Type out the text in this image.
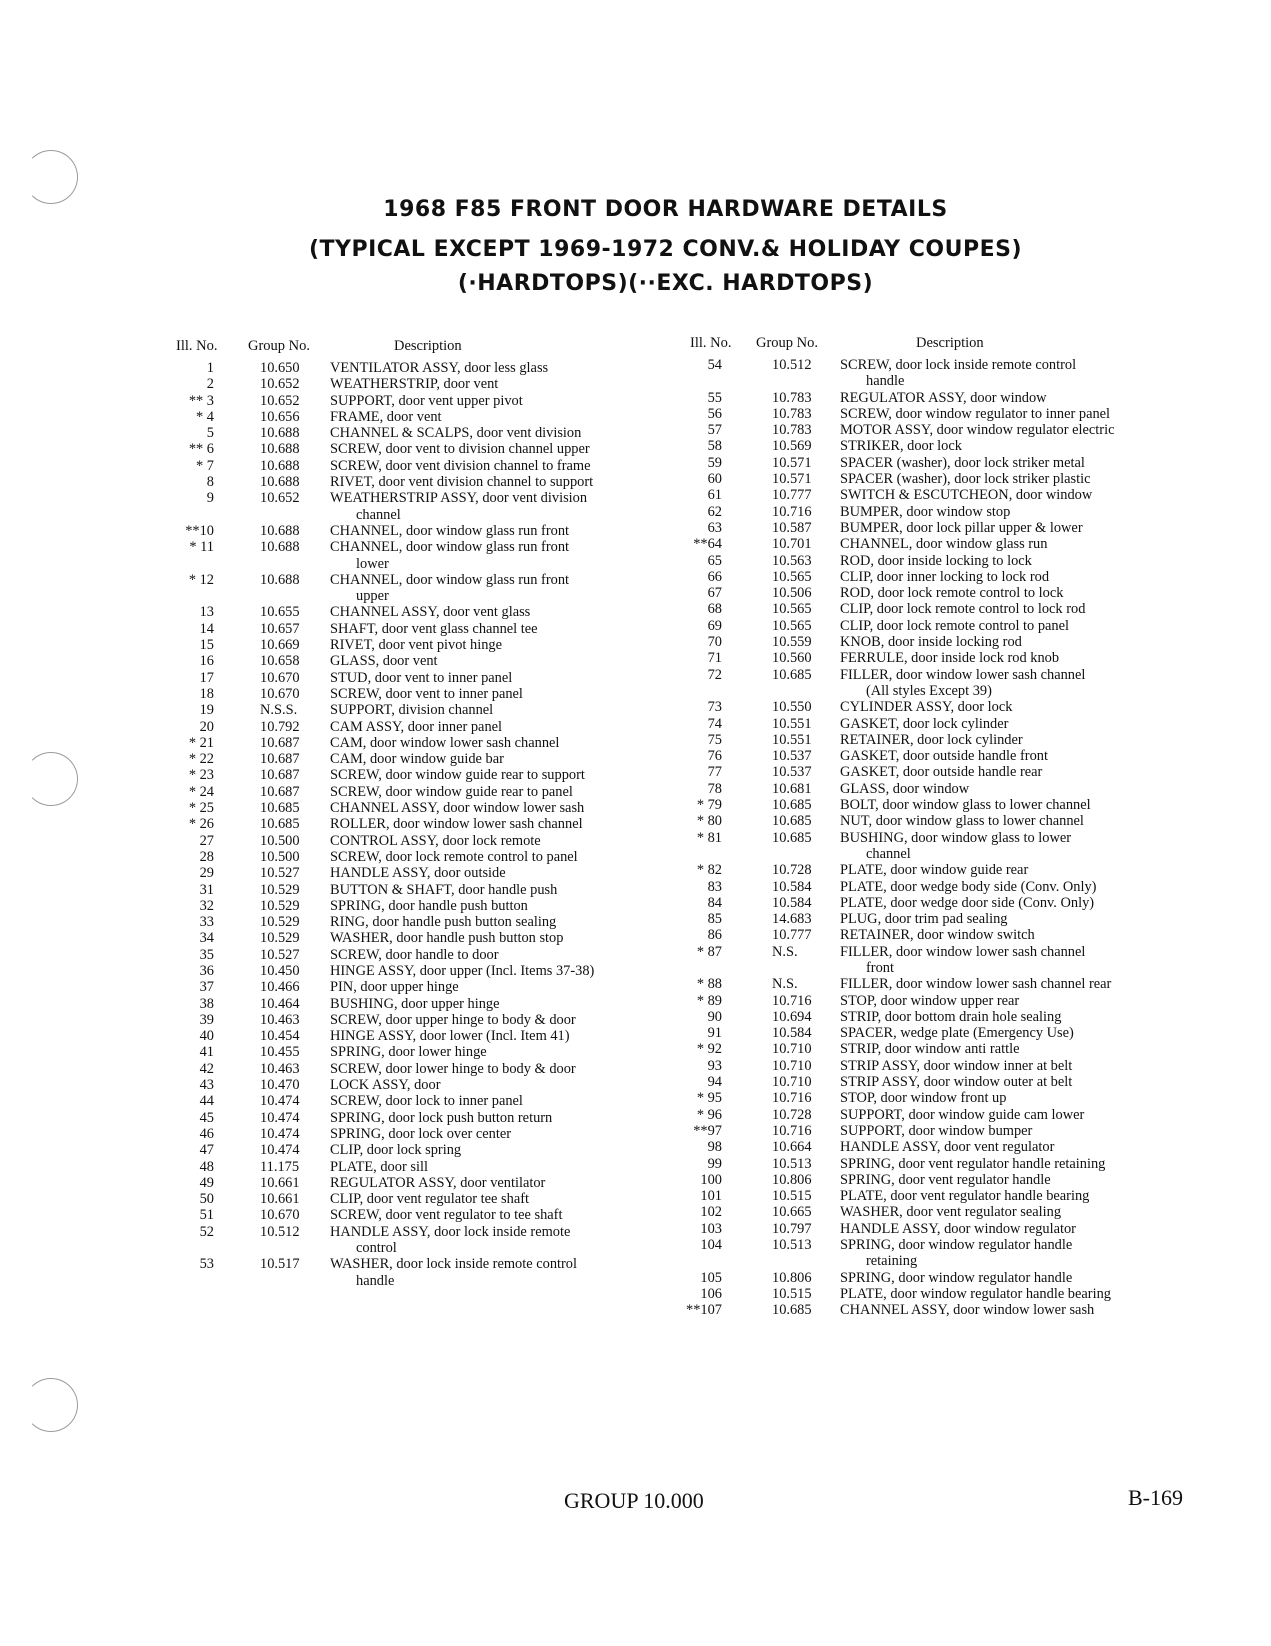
1968 F85 FRONT DOOR HARDWARE DETAILS
(TYPICAL EXCEPT 1969-1972 CONV.& HOLIDAY COUPES)
(·HARDTOPS)(··EXC. HARDTOPS)
Ill. No. Group No.	Description
1	10.650 VENTILATOR ASSY, door less glass
2	10.652 WEATHERSTRIP, door vent
** 3	10.652 SUPPORT, door vent upper pivot
* 4	10.656 FRAME, door vent
5	10.688 CHANNEL & SCALPS, door vent division
** 6	10.688 SCREW, door vent to division channel upper
* 7	10.688 SCREW, door vent division channel to frame
8	10.688 RIVET, door vent division channel to support
9	10.652 WEATHERSTRIP ASSY, door vent division
channel
**10	10.688 CHANNEL, door window glass run front
* 11	10.688 CHANNEL, door window glass run front
lower
* 12	10.688 CHANNEL, door window glass run front
upper
13	10.655 CHANNEL ASSY, door vent glass
14	10.657 SHAFT, door vent glass channel tee
15	10.669 RIVET, door vent pivot hinge
16	10.658 GLASS, door vent
17	10.670 STUD, door vent to inner panel
18	10.670 SCREW, door vent to inner panel
19	N.S.S. SUPPORT, division channel
20	10.792 CAM ASSY, door inner panel
* 21	10.687 CAM, door window lower sash channel
* 22	10.687 CAM, door window guide bar
* 23	10.687 SCREW, door window guide rear to support
* 24	10.687 SCREW, door window guide rear to panel
* 25	10.685 CHANNEL ASSY, door window lower sash
* 26	10.685 ROLLER, door window lower sash channel
27	10.500 CONTROL ASSY, door lock remote
28	10.500 SCREW, door lock remote control to panel
29	10.527 HANDLE ASSY, door outside
31	10.529 BUTTON & SHAFT, door handle push
32	10.529 SPRING, door handle push button
33	10.529 RING, door handle push button sealing
34	10.529 WASHER, door handle push button stop
35	10.527 SCREW, door handle to door
36	10.450 HINGE ASSY, door upper (Incl. Items 37-38)
37	10.466 PIN, door upper hinge
38	10.464 BUSHING, door upper hinge
39	10.463 SCREW, door upper hinge to body & door
40	10.454 HINGE ASSY, door lower (Incl. Item 41)
41	10.455 SPRING, door lower hinge
42	10.463 SCREW, door lower hinge to body & door
43	10.470 LOCK ASSY, door
44	10.474 SCREW, door lock to inner panel
45	10.474 SPRING, door lock push button return
46	10.474 SPRING, door lock over center
47	10.474 CLIP, door lock spring
48	11.175 PLATE, door sill
49	10.661 REGULATOR ASSY, door ventilator
50	10.661 CLIP, door vent regulator tee shaft
51	10.670 SCREW, door vent regulator to tee shaft
52	10.512 HANDLE ASSY, door lock inside remote
control
53	10.517 WASHER, door lock inside remote control
handle
Ill. No. Group No.	Description
54	10.512 SCREW, door lock inside remote control
handle
55	10.783 REGULATOR ASSY, door window
56	10.783 SCREW, door window regulator to inner panel
57	10.783 MOTOR ASSY, door window regulator electric
58	10.569 STRIKER, door lock
59	10.571 SPACER (washer), door lock striker metal
60	10.571 SPACER (washer), door lock striker plastic
61	10.777 SWITCH & ESCUTCHEON, door window
62	10.716 BUMPER, door window stop
63	10.587 BUMPER, door lock pillar upper & lower
**64	10.701 CHANNEL, door window glass run
65	10.563 ROD, door inside locking to lock
66	10.565 CLIP, door inner locking to lock rod
67	10.506 ROD, door lock remote control to lock
68	10.565 CLIP, door lock remote control to lock rod
69	10.565 CLIP, door lock remote control to panel
70	10.559 KNOB, door inside locking rod
71	10.560 FERRULE, door inside lock rod knob
72	10.685 FILLER, door window lower sash channel
(All styles Except 39)
73	10.550 CYLINDER ASSY, door lock
74	10.551 GASKET, door lock cylinder
75	10.551 RETAINER, door lock cylinder
76	10.537 GASKET, door outside handle front
77	10.537 GASKET, door outside handle rear
78	10.681 GLASS, door window
* 79	10.685 BOLT, door window glass to lower channel
* 80	10.685 NUT, door window glass to lower channel
* 81	10.685 BUSHING, door window glass to lower
channel
* 82	10.728 PLATE, door window guide rear
83	10.584 PLATE, door wedge body side (Conv. Only)
84	10.584 PLATE, door wedge door side (Conv. Only)
85	14.683 PLUG, door trim pad sealing
86	10.777 RETAINER, door window switch
* 87	N.S.	FILLER, door window lower sash channel
front
* 88	N.S.	FILLER, door window lower sash channel rear
* 89	10.716 STOP, door window upper rear
90	10.694 STRIP, door bottom drain hole sealing
91	10.584 SPACER, wedge plate (Emergency Use)
* 92	10.710 STRIP, door window anti rattle
93	10.710 STRIP ASSY, door window inner at belt
94	10.710 STRIP ASSY, door window outer at belt
* 95	10.716 STOP, door window front up
* 96	10.728 SUPPORT, door window guide cam lower
**97	10.716 SUPPORT, door window bumper
98	10.664 HANDLE ASSY, door vent regulator
99	10.513 SPRING, door vent regulator handle retaining
100	10.806 SPRING, door vent regulator handle
101	10.515 PLATE, door vent regulator handle bearing
102	10.665 WASHER, door vent regulator sealing
103	10.797 HANDLE ASSY, door window regulator
104	10.513 SPRING, door window regulator handle
retaining
105	10.806 SPRING, door window regulator handle
106	10.515 PLATE, door window regulator handle bearing
**107	10.685 CHANNEL ASSY, door window lower sash
GROUP 10.000	B-169
